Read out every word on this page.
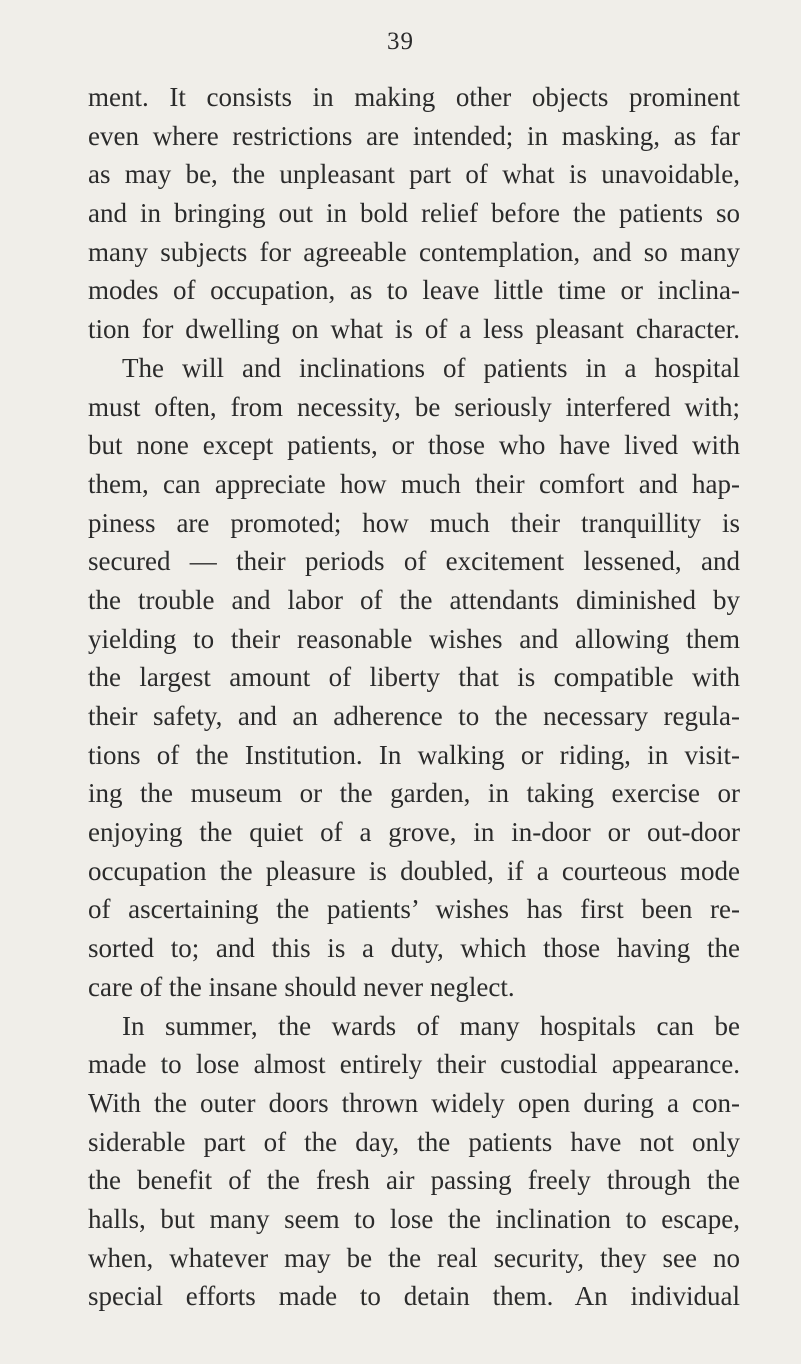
39
ment. It consists in making other objects prominent
even where restrictions are intended; in masking, as far
as may be, the unpleasant part of what is unavoidable,
and in bringing out in bold relief before the patients so
many subjects for agreeable contemplation, and so many
modes of occupation, as to leave little time or inclina-
tion for dwelling on what is of a less pleasant character.
The will and inclinations of patients in a hospital
must often, from necessity, be seriously interfered with;
but none except patients, or those who have lived with
them, can appreciate how much their comfort and hap-
piness are promoted; how much their tranquillity is
secured — their periods of excitement lessened, and
the trouble and labor of the attendants diminished by
yielding to their reasonable wishes and allowing them
the largest amount of liberty that is compatible with
their safety, and an adherence to the necessary regula-
tions of the Institution. In walking or riding, in visit-
ing the museum or the garden, in taking exercise or
enjoying the quiet of a grove, in in-door or out-door
occupation the pleasure is doubled, if a courteous mode
of ascertaining the patients’ wishes has first been re-
sorted to; and this is a duty, which those having the
care of the insane should never neglect.
In summer, the wards of many hospitals can be
made to lose almost entirely their custodial appearance.
With the outer doors thrown widely open during a con-
siderable part of the day, the patients have not only
the benefit of the fresh air passing freely through the
halls, but many seem to lose the inclination to escape,
when, whatever may be the real security, they see no
special efforts made to detain them. An individual
